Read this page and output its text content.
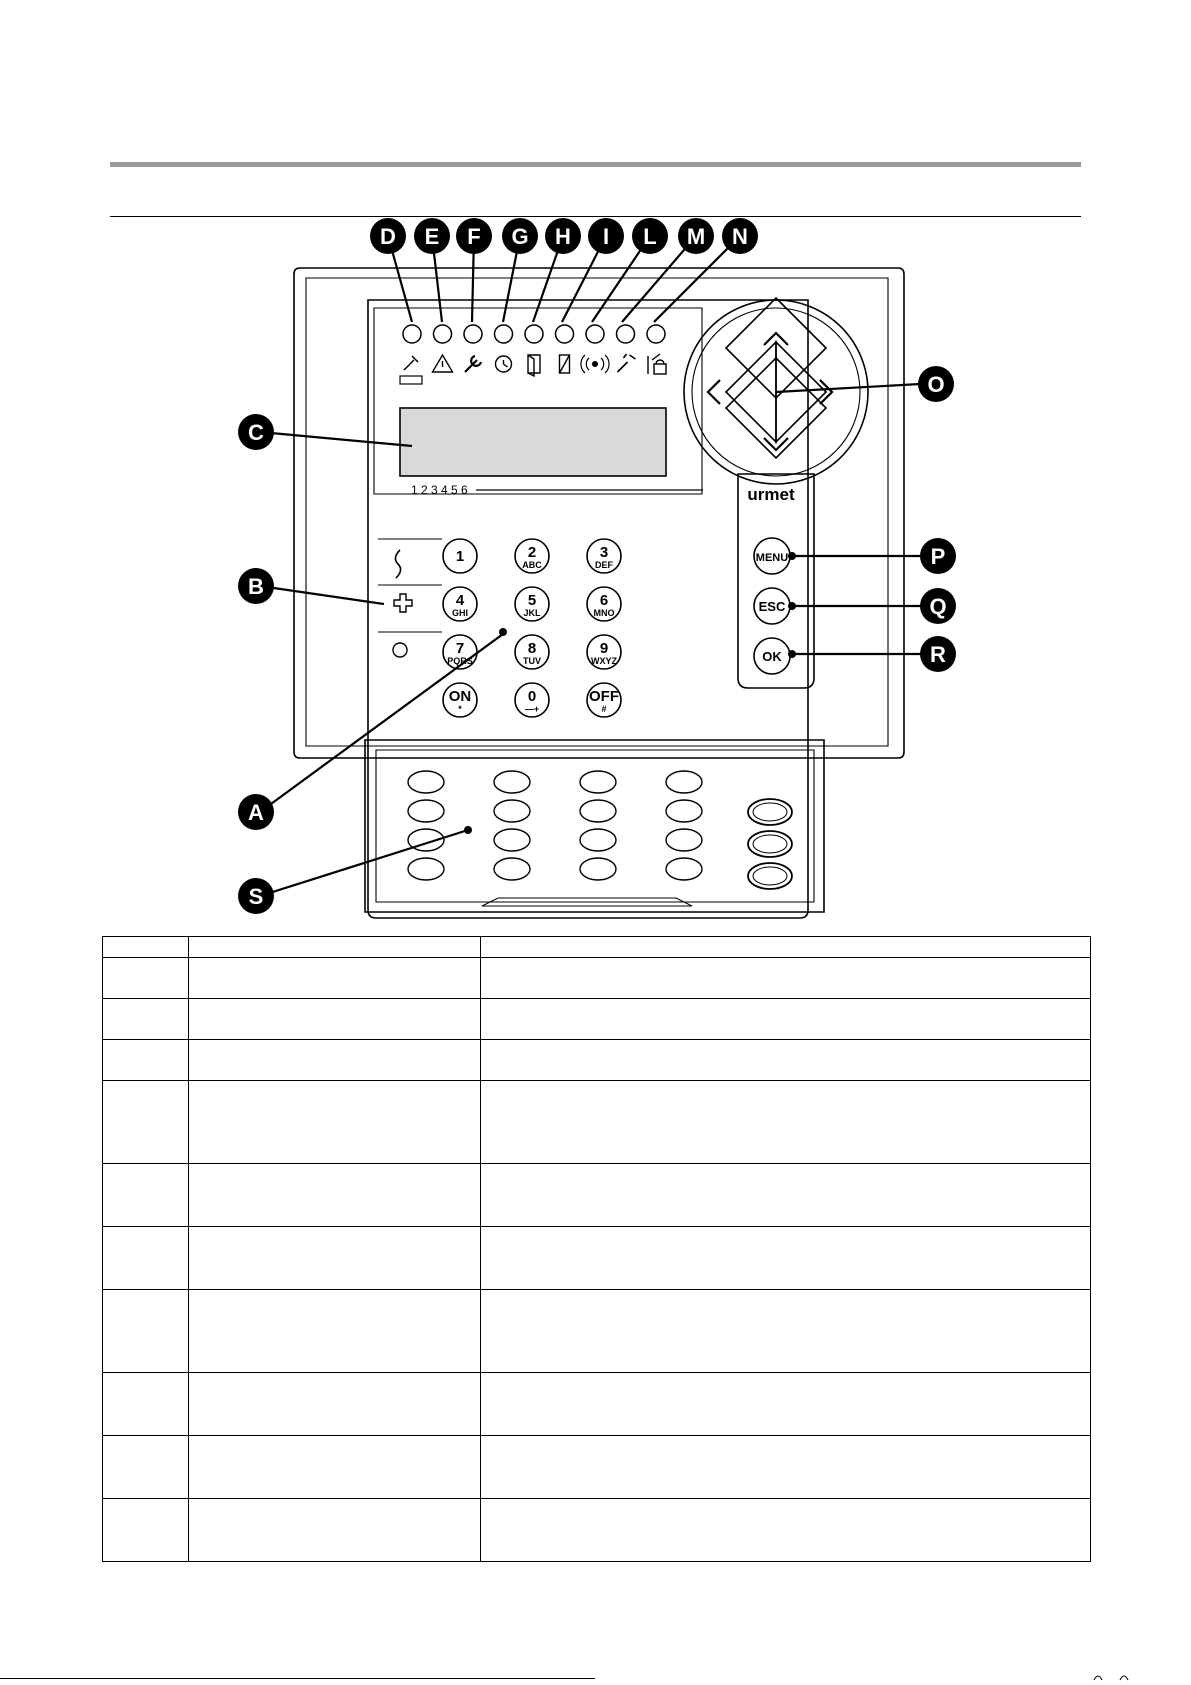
urmet
1 2 3 4 5 6
1	2
ABC
3
DEF
4
GHI
5
JKL
6
MNO
7
PQRS
8
TUV
9
WXYZ
ON
*
0
—+
OFF
#
MENU
ESC
OK
D E F G H I L M N
O
C
B
A
S
P
Q
R
